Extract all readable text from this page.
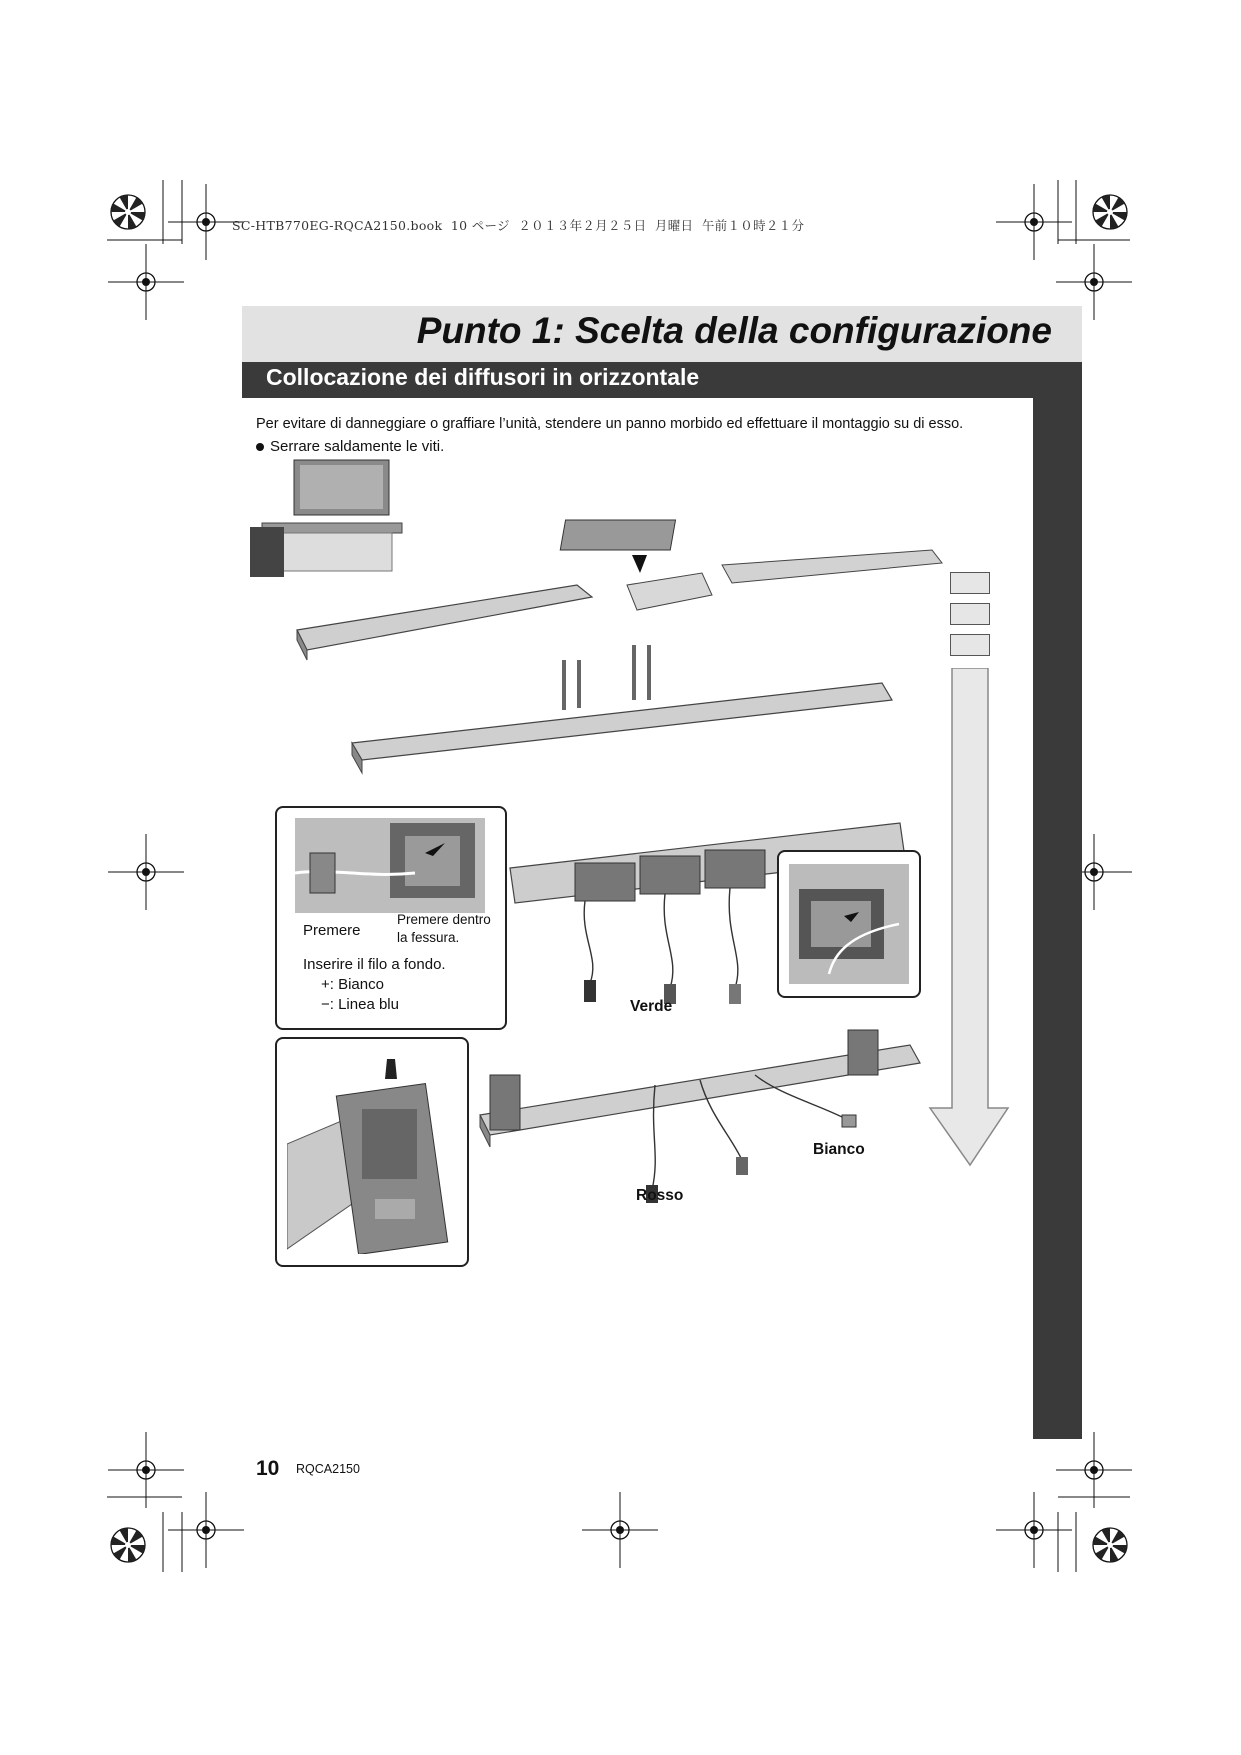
SC-HTB770EG-RQCA2150.book  10 ページ  ２０１３年２月２５日  月曜日  午前１０時２１分
Punto 1: Scelta della configurazione
Collocazione dei diffusori in orizzontale
Per evitare di danneggiare o graffiare l’unità, stendere un panno morbido ed effettuare il montaggio su di esso.
Serrare saldamente le viti.
Premere
Premere dentro
la fessura.
Inserire il filo a fondo.
+: Bianco
−: Linea blu	Verde
Bianco
Rosso
10 RQCA2150
